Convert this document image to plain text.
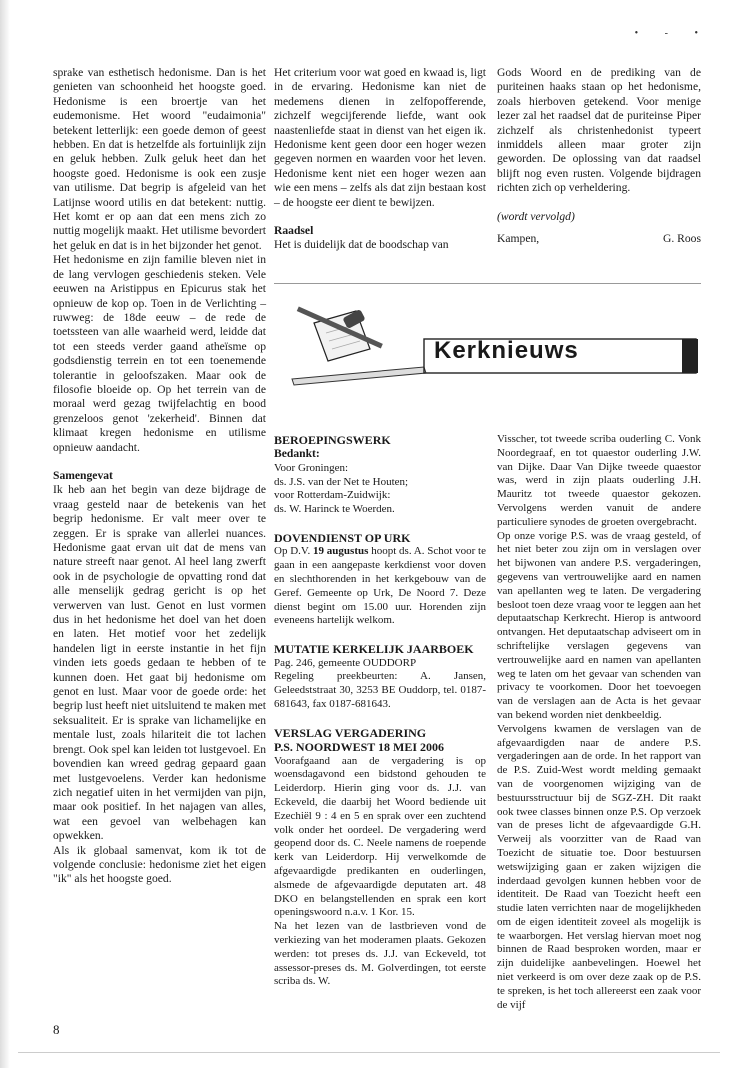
• - •

sprake van esthetisch hedonisme. Dan is het genieten van schoonheid het hoogste goed. Hedonisme is een broertje van het eudemonisme. Het woord "eudaimonia" betekent letterlijk: een goede demon of geest hebben. En dat is hetzelfde als fortuinlijk zijn en geluk hebben. Zulk geluk heet dan het hoogste goed. Hedonisme is ook een zusje van utilisme. Dat begrip is afgeleid van het Latijnse woord utilis en dat betekent: nuttig. Het komt er op aan dat een mens zich zo nuttig mogelijk maakt. Het utilisme bevordert het geluk en dat is in het bijzonder het genot.

Het hedonisme en zijn familie bleven niet in de lang vervlogen geschiedenis steken. Vele eeuwen na Aristippus en Epicurus stak het opnieuw de kop op. Toen in de Verlichting –ruwweg: de 18de eeuw – de rede de toetssteen van alle waarheid werd, leidde dat tot een steeds verder gaand atheïsme op godsdienstig terrein en tot een toenemende tolerantie in geloofszaken. Maar ook de filosofie bloeide op. Op het terrein van de moraal werd gezag twijfelachtig en bood grenzeloos genot 'zekerheid'. Binnen dat klimaat kregen hedonisme en utilisme opnieuw aandacht.

Samengevat

Ik heb aan het begin van deze bijdrage de vraag gesteld naar de betekenis van het begrip hedonisme. Er valt meer over te zeggen. Er is sprake van allerlei nuances. Hedonisme gaat ervan uit dat de mens van nature streeft naar genot. Al heel lang zwerft ook in de psychologie de opvatting rond dat alle menselijk gedrag gericht is op het verwerven van lust. Genot en lust vormen dus in het hedonisme het doel van het doen en laten. Het motief voor het zedelijk handelen ligt in eerste instantie in het fijn vinden iets goeds gedaan te hebben of te kunnen doen. Het gaat bij hedonisme om genot en lust. Maar voor de goede orde: het begrip lust heeft niet uitsluitend te maken met seksualiteit. Er is sprake van lichamelijke en mentale lust, zoals hilariteit die tot lachen brengt. Ook spel kan leiden tot lustgevoel. En bovendien kan wreed gedrag gepaard gaan met lustgevoelens. Verder kan hedonisme zich negatief uiten in het vermijden van pijn, maar ook positief. In het najagen van alles, wat een gevoel van welbehagen kan opwekken.

Als ik globaal samenvat, kom ik tot de volgende conclusie: hedonisme ziet het eigen "ik" als het hoogste goed.

Het criterium voor wat goed en kwaad is, ligt in de ervaring. Hedonisme kan niet de medemens dienen in zelfopofferende, zichzelf wegcijferende liefde, want ook naastenliefde staat in dienst van het eigen ik. Hedonisme kent geen door een hoger wezen gegeven normen en waarden voor het leven. Hedonisme kent niet een hoger wezen aan wie een mens – zelfs als dat zijn bestaan kost – de hoogste eer dient te bewijzen.

Raadsel

Het is duidelijk dat de boodschap van

Gods Woord en de prediking van de puriteinen haaks staan op het hedonisme, zoals hierboven getekend. Voor menige lezer zal het raadsel dat de puriteinse Piper zichzelf als christenhedonist typeert inmiddels alleen maar groter zijn geworden. De oplossing van dat raadsel blijft nog even rusten. Volgende bijdragen richten zich op verheldering.

(wordt vervolgd)

Kampen,	G. Roos
Kerknieuws
BEROEPINGSWERK
Bedankt:

Voor Groningen:

ds. J.S. van der Net te Houten;

voor Rotterdam-Zuidwijk:

ds. W. Harinck te Woerden.

DOVENDIENST OP URK

Op D.V. 19 augustus hoopt ds. A. Schot voor te gaan in een aangepaste kerkdienst voor doven en slechthorenden in het kerkgebouw van de Geref. Gemeente op Urk, De Noord 7. Deze dienst begint om 15.00 uur. Horenden zijn eveneens hartelijk welkom.

MUTATIE KERKELIJK JAARBOEK

Pag. 246, gemeente OUDDORP

Regeling preekbeurten: A. Jansen, Geleedststraat 30, 3253 BE Ouddorp, tel. 0187-681643, fax 0187-681643.

VERSLAG VERGADERING
P.S. NOORDWEST 18 MEI 2006

Voorafgaand aan de vergadering is op woensdagavond een bidstond gehouden te Leiderdorp. Hierin ging voor ds. J.J. van Eckeveld, die daarbij het Woord bediende uit Ezechiël 9 : 4 en 5 en sprak over een zuchtend volk onder het oordeel. De vergadering werd geopend door ds. C. Neele namens de roepende kerk van Leiderdorp. Hij verwelkomde de afgevaardigde predikanten en ouderlingen, alsmede de afgevaardigde deputaten art. 48 DKO en belangstellenden en sprak een kort openingswoord n.a.v. 1 Kor. 15.

Na het lezen van de lastbrieven vond de verkiezing van het moderamen plaats. Gekozen werden: tot preses ds. J.J. van Eckeveld, tot assessor-preses ds. M. Golverdingen, tot eerste scriba ds. W.

Visscher, tot tweede scriba ouderling C. Vonk Noordegraaf, en tot quaestor ouderling J.W. van Dijke. Daar Van Dijke tweede quaestor was, werd in zijn plaats ouderling J.H. Mauritz tot tweede quaestor gekozen. Vervolgens werden vanuit de andere particuliere synodes de groeten overgebracht.

Op onze vorige P.S. was de vraag gesteld, of het niet beter zou zijn om in verslagen over het bijwonen van andere P.S. vergaderingen, gegevens van vertrouwelijke aard en namen van apellanten weg te laten. De vergadering besloot toen deze vraag voor te leggen aan het deputaatschap Kerkrecht. Hierop is antwoord ontvangen. Het deputaatschap adviseert om in schriftelijke verslagen gegevens van vertrouwelijke aard en namen van apellanten weg te laten om het gevaar van schenden van privacy te voorkomen. Door het toevoegen van de verslagen aan de Acta is het gevaar van bekend worden niet denkbeeldig.

Vervolgens kwamen de verslagen van de afgevaardigden naar de andere P.S. vergaderingen aan de orde. In het rapport van de P.S. Zuid-West wordt melding gemaakt van de voorgenomen wijziging van de bestuursstructuur bij de SGZ-ZH. Dit raakt ook twee classes binnen onze P.S. Op verzoek van de preses licht de afgevaardigde G.H. Verweij als voorzitter van de Raad van Toezicht de situatie toe. Door bestuursen wetswijziging gaan er zaken wijzigen die inderdaad gevolgen kunnen hebben voor de identiteit. De Raad van Toezicht heeft een studie laten verrichten naar de mogelijkheden om de eigen identiteit zoveel als mogelijk is te waarborgen. Het verslag hiervan moet nog binnen de Raad besproken worden, maar er zijn duidelijke aanbevelingen. Hoewel het niet verkeerd is om over deze zaak op de P.S. te spreken, is het toch allereerst een zaak voor de vijf

8
